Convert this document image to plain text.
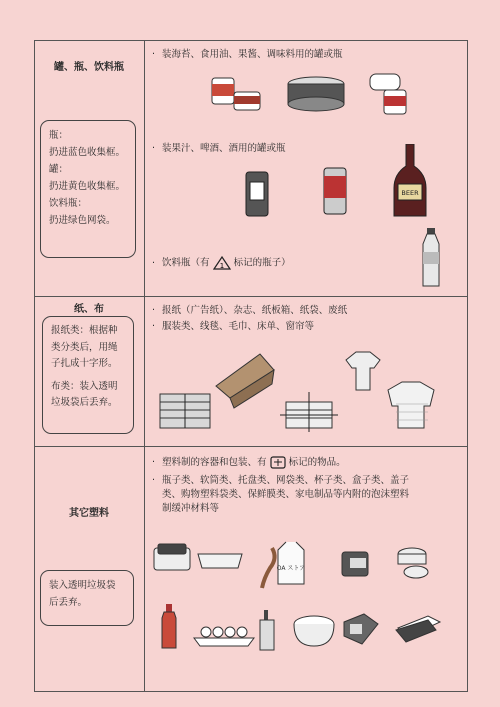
罐、瓶、饮料瓶

瓶：

扔进蓝色收集框。

罐：

扔进黄色收集框。

饮料瓶：

扔进绿色网袋。

· 装海苔、食用油、果酱、调味料用的罐或瓶
· 装果汁、啤酒、酒用的罐或瓶
BEER
· 饮料瓶（有 1 标记的瓶子）
纸、布

报纸类：根据种

类分类后，用绳

子扎成十字形。

布类：装入透明

垃圾袋后丢弃。

· 报纸（广告纸）、杂志、纸板箱、纸袋、废纸
· 服装类、线毯、毛巾、床单、窗帘等
其它塑料

装入透明垃圾袋

后丢弃。

· 塑料制的容器和包装、有 标记的物品。
· 瓶子类、软筒类、托盘类、网袋类、杯子类、盒子类、盖子
类、购物塑料袋类、保鲜膜类、家电制品等内附的泡沫塑料
制缓冲材料等
OA ストア
